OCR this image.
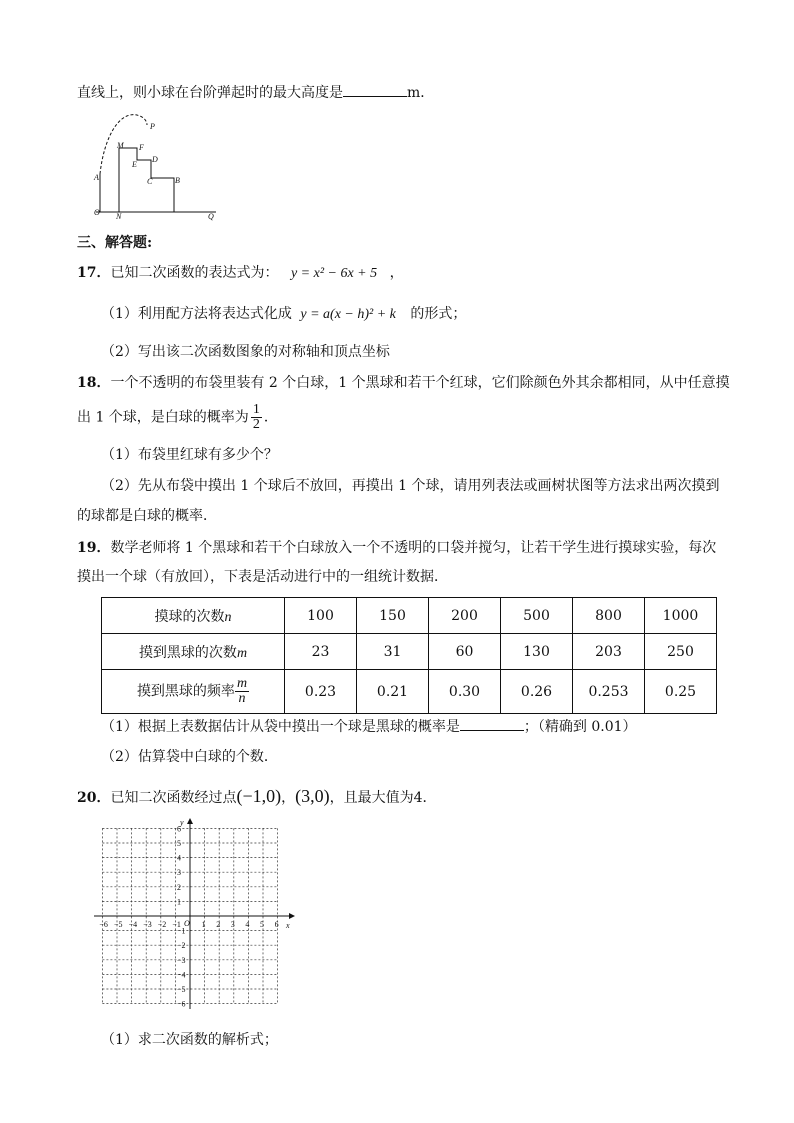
直线上，则小球在台阶弹起时的最大高度是	m．
P
M F
E
D
C	B
A
O N	Q
三、解答题:
17．已知二次函数的表达式为： y = x² − 6x + 5 ，
（1）利用配方法将表达式化成 y = a(x − h)² + k 的形式；
（2）写出该二次函数图象的对称轴和顶点坐标
18．一个不透明的布袋里装有 2 个白球，1 个黑球和若干个红球，它们除颜色外其余都相同，从中任意摸
出 1 个球，是白球的概率为 $\frac{1}{2}$ ．
（1）布袋里红球有多少个？
（2）先从布袋中摸出 1 个球后不放回，再摸出 1 个球，请用列表法或画树状图等方法求出两次摸到
的球都是白球的概率．
19．数学老师将 1 个黑球和若干个白球放入一个不透明的口袋并搅匀，让若干学生进行摸球实验，每次
摸出一个球（有放回），下表是活动进行中的一组统计数据．
摸球的次数n	100	150	200	500	800	1000
摸到黑球的次数m	23	31	60	130	203	250
摸到黑球的频率 $\frac{m}{n}$	0.23	0.21	0.30	0.26	0.253	0.25
（1）根据上表数据估计从袋中摸出一个球是黑球的概率是	；（精确到 0.01）
（2）估算袋中白球的个数．
20．已知二次函数经过点(−1,0)，(3,0)，且最大值为4．
x
y
O
−6 −5 −4 −3 −2 −1	1 2 3 4 5 6
6
5
4
3
2
1
−1
−2
−3
−4
−5
−6
（1）求二次函数的解析式；
